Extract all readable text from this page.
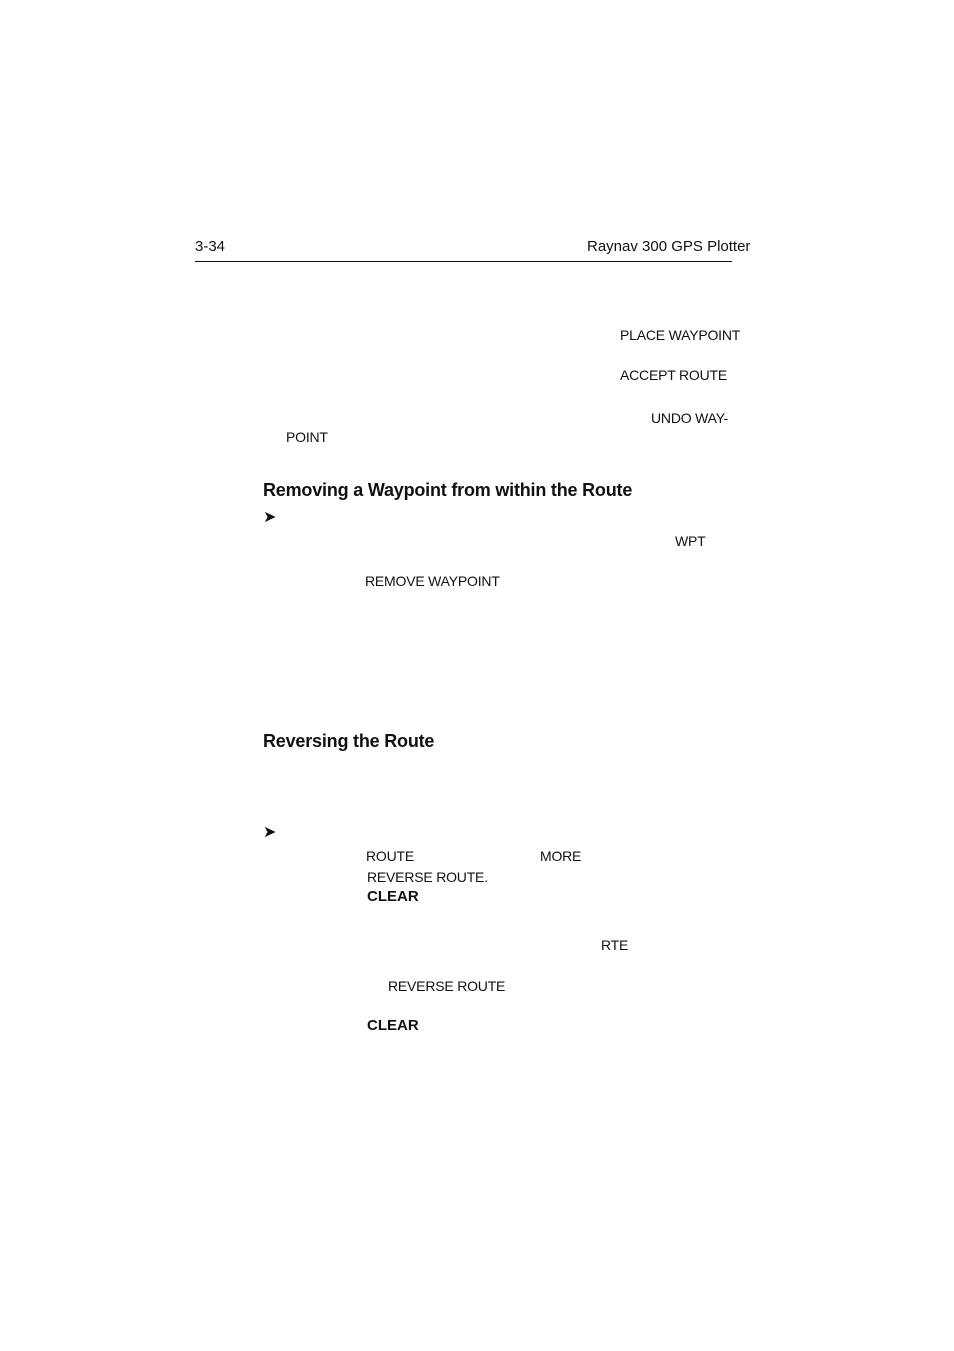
3-34	Raynav 300 GPS Plotter
PLACE WAYPOINT
ACCEPT ROUTE
UNDO WAY-
POINT
Removing a Waypoint from within the Route
➤
WPT
REMOVE WAYPOINT
Reversing the Route
➤
ROUTE	MORE
REVERSE ROUTE.
CLEAR
RTE
REVERSE ROUTE
CLEAR
